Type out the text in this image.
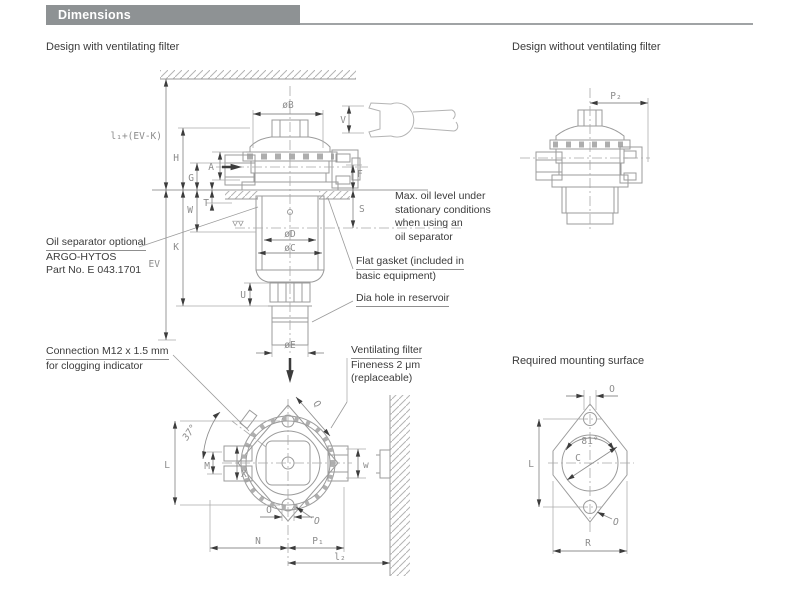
Dimensions
Design with ventilating filter	Design without ventilating filter
Required mounting surface
Oil separator optional
ARGO-HYTOS
Part No. E 043.1701
Max. oil level under
stationary conditions
when using an
oil separator
Flat gasket (included in
basic equipment)
Dia hole in reservoir
Connection M12 x 1.5 mm
for clogging indicator
Ventilating filter
Fineness 2 μm
(replaceable)
l₁+(EV-K)
H
G
A
T
W
K
EV
øB
V
F
S
øD
øC
U
øE
▽▽
L	M
X
37°
Q
O
O
N	P₁
l₂
w
P₂
O
81°
C
L
O
R
